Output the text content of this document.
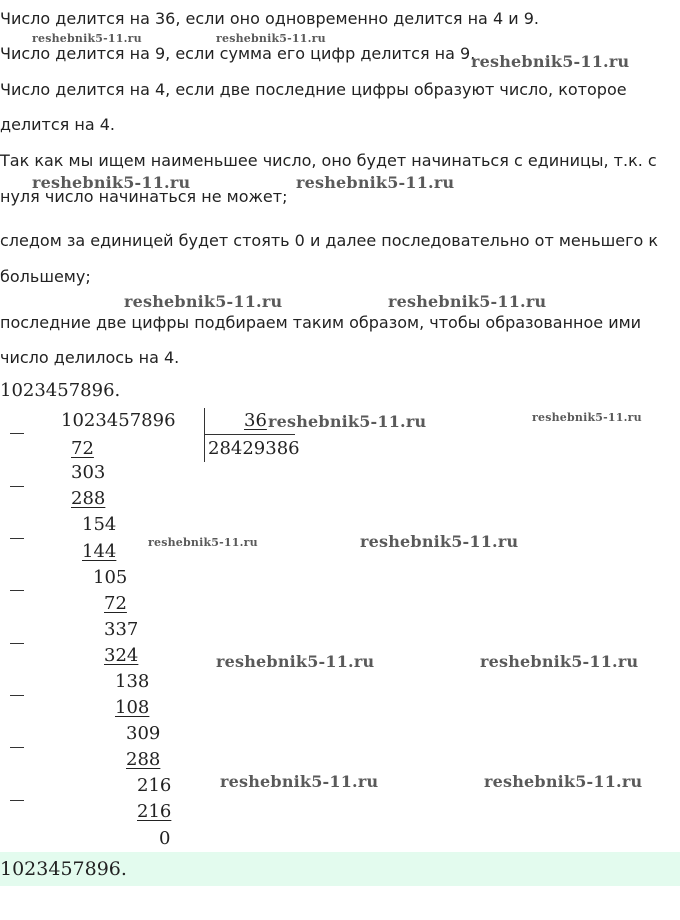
Число делится на 36, если оно одновременно делится на 4 и 9.
Число делится на 9, если сумма его цифр делится на 9.
Число делится на 4, если две последние цифры образуют число, которое
делится на 4.
Так как мы ищем наименьшее число, оно будет начинаться с единицы, т.к. с
нуля число начинаться не может;
следом за единицей будет стоять 0 и далее последовательно от меньшего к
большему;
последние две цифры подбираем таким образом, чтобы образованное ими
число делилось на 4.
1023457896.
1023457896	36
28429386
72
303
288
154
144
105
72
337
324
138
108
309
288
216
216
0
1023457896.
reshebnik5-11.ru	reshebnik5-11.ru
reshebnik5-11.ru
reshebnik5-11.ru	reshebnik5-11.ru
reshebnik5-11.ru	reshebnik5-11.ru
reshebnik5-11.ru	reshebnik5-11.ru
reshebnik5-11.ru	reshebnik5-11.ru
reshebnik5-11.ru	reshebnik5-11.ru
reshebnik5-11.ru	reshebnik5-11.ru
